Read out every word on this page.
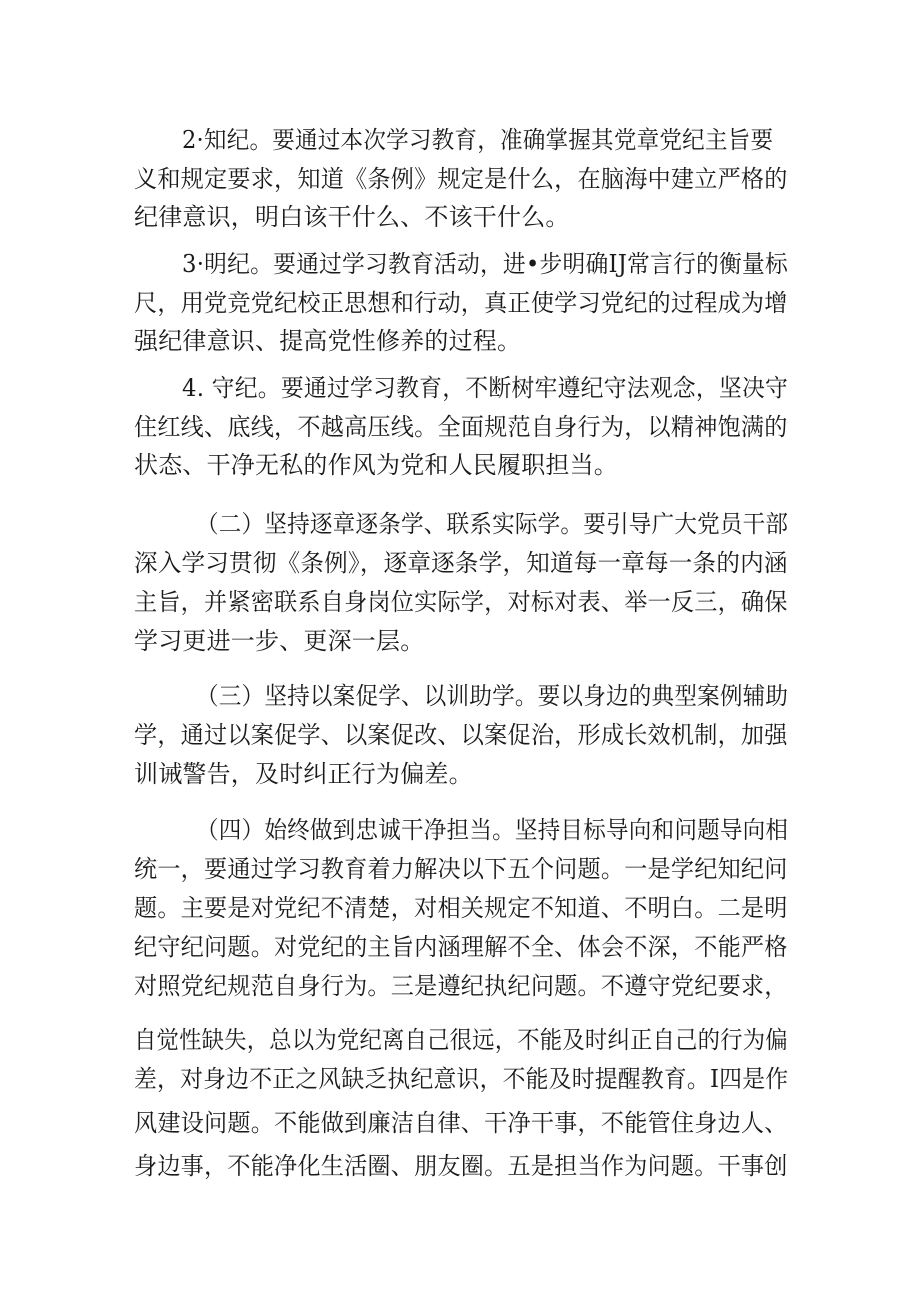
2·知纪。要通过本次学习教育，准确掌握其党章党纪主旨要
义和规定要求，知道《条例》规定是什么，在脑海中建立严格的
纪律意识，明白该干什么、不该干什么。
3·明纪。要通过学习教育活动，进•步明确IJ常言行的衡量标
尺，用党竞党纪校正思想和行动，真正使学习党纪的过程成为增
强纪律意识、提高党性修养的过程。
4. 守纪。要通过学习教育，不断树牢遵纪守法观念，坚决守
住红线、底线，不越高压线。全面规范自身行为，以精神饱满的
状态、干净无私的作风为党和人民履职担当。
（二）坚持逐章逐条学、联系实际学。要引导广大党员干部
深入学习贯彻《条例》，逐章逐条学，知道每一章每一条的内涵
主旨，并紧密联系自身岗位实际学，对标对表、举一反三，确保
学习更进一步、更深一层。
（三）坚持以案促学、以训助学。要以身边的典型案例辅助
学，通过以案促学、以案促改、以案促治，形成长效机制，加强
训诫警告，及时纠正行为偏差。
（四）始终做到忠诚干净担当。坚持目标导向和问题导向相
统一，要通过学习教育着力解决以下五个问题。一是学纪知纪问
题。主要是对党纪不清楚，对相关规定不知道、不明白。二是明
纪守纪问题。对党纪的主旨内涵理解不全、体会不深，不能严格
对照党纪规范自身行为。三是遵纪执纪问题。不遵守党纪要求，
自觉性缺失，总以为党纪离自己很远，不能及时纠正自己的行为偏
差，对身边不正之风缺乏执纪意识，不能及时提醒教育。I四是作
风建设问题。不能做到廉洁自律、干净干事，不能管住身边人、
身边事，不能净化生活圈、朋友圈。五是担当作为问题。干事创
